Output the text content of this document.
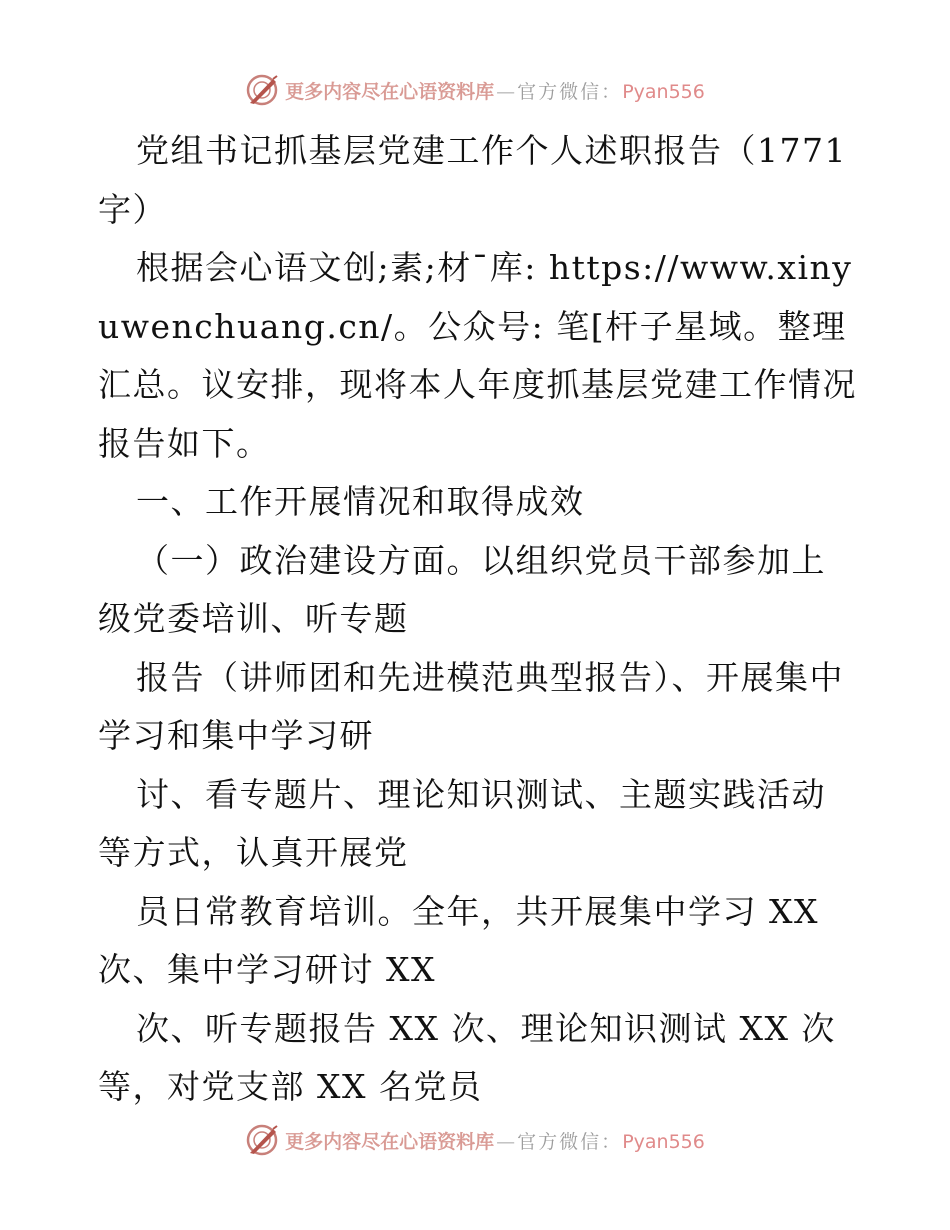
更多内容尽在心语资料库 — 官方微信： Pyan556

党组书记抓基层党建工作个人述职报告（1771字）

根据会心语文创;素;材¯库: https://www.xinyuwenchuang.cn/。公众号: 笔[杆子星域。整理汇总。议安排，现将本人年度抓基层党建工作情况报告如下。

一、工作开展情况和取得成效

（一）政治建设方面。以组织党员干部参加上级党委培训、听专题

报告（讲师团和先进模范典型报告）、开展集中学习和集中学习研

讨、看专题片、理论知识测试、主题实践活动等方式，认真开展党

员日常教育培训。全年，共开展集中学习 XX 次、集中学习研讨 XX

次、听专题报告 XX 次、理论知识测试 XX 次等，对党支部 XX 名党员

更多内容尽在心语资料库 — 官方微信： Pyan556
